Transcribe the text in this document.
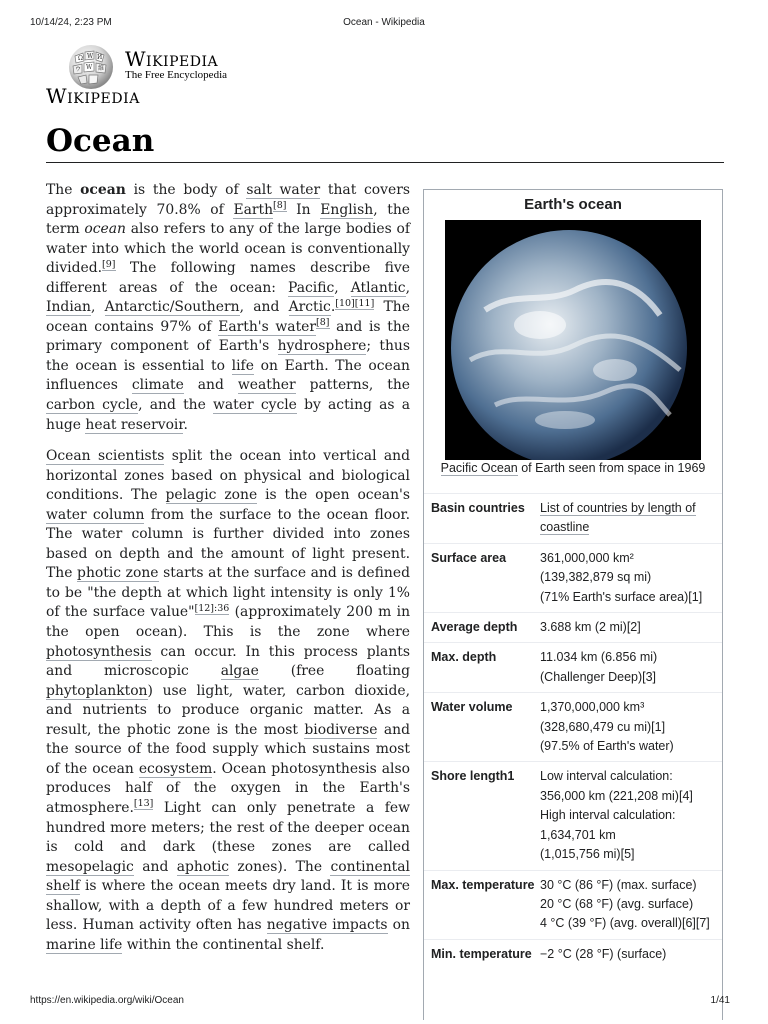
10/14/24, 2:23 PM	Ocean - Wikipedia
Ω W И
W 維
ウ Wikipedia
The Free Encyclopedia
Wikipedia
Ocean

The ocean is the body of salt water that covers approximately 70.8% of Earth[8] In English, the term ocean also refers to any of the large bodies of water into which the world ocean is conventionally divided.[9] The following names describe five different areas of the ocean: Pacific, Atlantic, Indian, Antarctic/Southern, and Arctic.[10][11] The ocean contains 97% of Earth's water[8] and is the primary component of Earth's hydrosphere; thus the ocean is essential to life on Earth. The ocean influences climate and weather patterns, the carbon cycle, and the water cycle by acting as a huge heat reservoir.

Ocean scientists split the ocean into vertical and horizontal zones based on physical and biological conditions. The pelagic zone is the open ocean's water column from the surface to the ocean floor. The water column is further divided into zones based on depth and the amount of light present. The photic zone starts at the surface and is defined to be "the depth at which light intensity is only 1% of the surface value"$^{[12]:36}$ (approximately 200 m in the open ocean). This is the zone where photosynthesis can occur. In this process plants and microscopic algae (free floating phytoplankton) use light, water, carbon dioxide, and nutrients to produce organic matter. As a result, the photic zone is the most biodiverse and the source of the food supply which sustains most of the ocean ecosystem. Ocean photosynthesis also produces half of the oxygen in the Earth's atmosphere.[13] Light can only penetrate a few hundred more meters; the rest of the deeper ocean is cold and dark (these zones are called mesopelagic and aphotic zones). The continental shelf is where the ocean meets dry land. It is more shallow, with a depth of a few hundred meters or less. Human activity often has negative impacts on marine life within the continental shelf.

Earth's ocean
Pacific Ocean of Earth seen from space in 1969
Basin countries	List of countries by length of coastline
Surface area	361,000,000 km²
(139,382,879 sq mi)
(71% Earth's surface area)[1]
Average depth	3.688 km (2 mi)[2]
Max. depth	11.034 km (6.856 mi)
(Challenger Deep)[3]
Water volume	1,370,000,000 km³
(328,680,479 cu mi)[1]
(97.5% of Earth's water)
Shore length1	Low interval calculation:
356,000 km (221,208 mi)[4]
High interval calculation:
1,634,701 km
(1,015,756 mi)[5]
Max. temperature 30 °C (86 °F) (max. surface)
20 °C (68 °F) (avg. surface)
4 °C (39 °F) (avg. overall)[6][7]
Min. temperature −2 °C (28 °F) (surface)
https://en.wikipedia.org/wiki/Ocean	1/41
